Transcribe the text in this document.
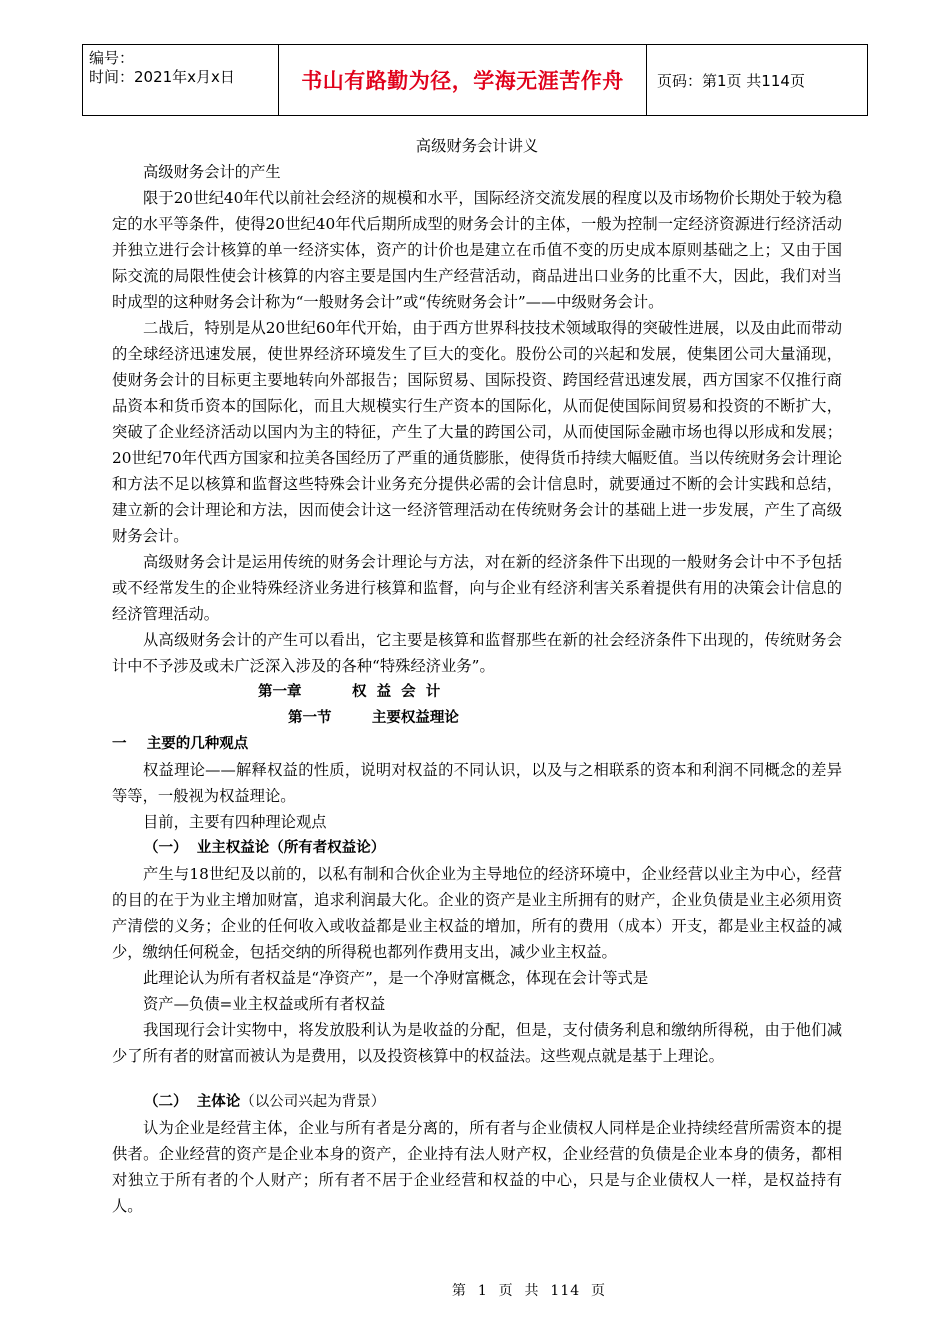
编号：
时间：2021年x月x日	书山有路勤为径，学海无涯苦作舟	页码：第1页 共114页

高级财务会计讲义

高级财务会计的产生

限于20世纪40年代以前社会经济的规模和水平，国际经济交流发展的程度以及市场物价长期处于较为稳定的水平等条件，使得20世纪40年代后期所成型的财务会计的主体，一般为控制一定经济资源进行经济活动并独立进行会计核算的单一经济实体，资产的计价也是建立在币值不变的历史成本原则基础之上；又由于国际交流的局限性使会计核算的内容主要是国内生产经营活动，商品进出口业务的比重不大，因此，我们对当时成型的这种财务会计称为“一般财务会计”或“传统财务会计”——中级财务会计。

二战后，特别是从20世纪60年代开始，由于西方世界科技技术领域取得的突破性进展，以及由此而带动的全球经济迅速发展，使世界经济环境发生了巨大的变化。股份公司的兴起和发展，使集团公司大量涌现，使财务会计的目标更主要地转向外部报告；国际贸易、国际投资、跨国经营迅速发展，西方国家不仅推行商品资本和货币资本的国际化，而且大规模实行生产资本的国际化，从而促使国际间贸易和投资的不断扩大，突破了企业经济活动以国内为主的特征，产生了大量的跨国公司，从而使国际金融市场也得以形成和发展；20世纪70年代西方国家和拉美各国经历了严重的通货膨胀，使得货币持续大幅贬值。当以传统财务会计理论和方法不足以核算和监督这些特殊会计业务充分提供必需的会计信息时，就要通过不断的会计实践和总结，建立新的会计理论和方法，因而使会计这一经济管理活动在传统财务会计的基础上进一步发展，产生了高级财务会计。

高级财务会计是运用传统的财务会计理论与方法，对在新的经济条件下出现的一般财务会计中不予包括或不经常发生的企业特殊经济业务进行核算和监督，向与企业有经济利害关系着提供有用的决策会计信息的经济管理活动。

从高级财务会计的产生可以看出，它主要是核算和监督那些在新的社会经济条件下出现的，传统财务会计中不予涉及或未广泛深入涉及的各种“特殊经济业务”。

第一章          权  益  会  计

第一节        主要权益理论

一    主要的几种观点

权益理论——解释权益的性质，说明对权益的不同认识，以及与之相联系的资本和利润不同概念的差异等等，一般视为权益理论。

目前，主要有四种理论观点

（一） 业主权益论（所有者权益论）

产生与18世纪及以前的，以私有制和合伙企业为主导地位的经济环境中，企业经营以业主为中心，经营的目的在于为业主增加财富，追求利润最大化。企业的资产是业主所拥有的财产，企业负债是业主必须用资产清偿的义务；企业的任何收入或收益都是业主权益的增加，所有的费用（成本）开支，都是业主权益的减少，缴纳任何税金，包括交纳的所得税也都列作费用支出，减少业主权益。

此理论认为所有者权益是“净资产”，是一个净财富概念，体现在会计等式是

资产—负债=业主权益或所有者权益

我国现行会计实物中，将发放股利认为是收益的分配，但是，支付债务利息和缴纳所得税，由于他们减少了所有者的财富而被认为是费用，以及投资核算中的权益法。这些观点就是基于上理论。

（二） 主体论（以公司兴起为背景）

认为企业是经营主体，企业与所有者是分离的，所有者与企业债权人同样是企业持续经营所需资本的提供者。企业经营的资产是企业本身的资产，企业持有法人财产权，企业经营的负债是企业本身的债务，都相对独立于所有者的个人财产；所有者不居于企业经营和权益的中心，只是与企业债权人一样，是权益持有人。

第  1  页  共  114  页
